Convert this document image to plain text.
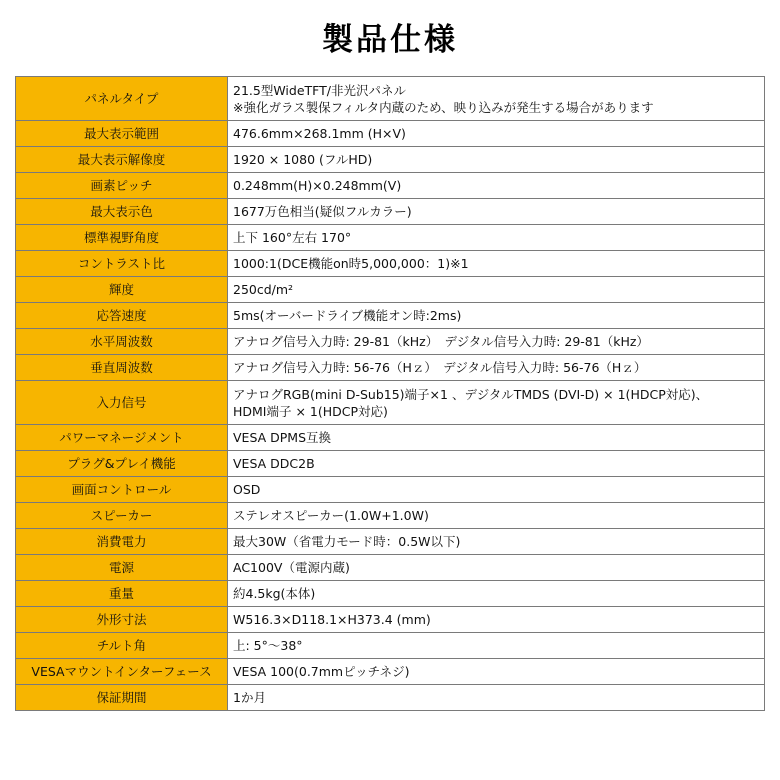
製品仕様
パネルタイプ	21.5型WideTFT/非光沢パネル
※強化ガラス製保フィルタ内蔵のため、映り込みが発生する場合があります

最大表示範囲	476.6mm×268.1mm (H×V)
最大表示解像度	1920 × 1080 (フルHD)
画素ピッチ	0.248mm(H)×0.248mm(V)
最大表示色	1677万色相当(疑似フルカラー)
標準視野角度	上下 160°左右 170°
コントラスト比	1000:1(DCE機能on時5,000,000：1)※1
輝度	250cd/m²
応答速度	5ms(オーバードライブ機能オン時:2ms)
水平周波数	アナログ信号入力時: 29-81（kHz）　デジタル信号入力時: 29-81（kHz）
垂直周波数	アナログ信号入力時: 56-76（Hｚ）　デジタル信号入力時: 56-76（Hｚ）
入力信号	アナログRGB(mini D-Sub15)端子×1 、デジタルTMDS (DVI-D) × 1(HDCP対応)、
HDMI端子 × 1(HDCP対応)

パワーマネージメント	VESA DPMS互換
プラグ&プレイ機能	VESA DDC2B
画面コントロール	OSD
スピーカー	ステレオスピーカー(1.0W+1.0W)
消費電力	最大30W（省電力モード時：0.5W以下)
電源	AC100V（電源内蔵)
重量	約4.5kg(本体)
外形寸法	W516.3×D118.1×H373.4 (mm)
チルト角	上: 5°～38°
VESAマウントインターフェース	VESA 100(0.7mmピッチネジ)
保証期間	1か月
